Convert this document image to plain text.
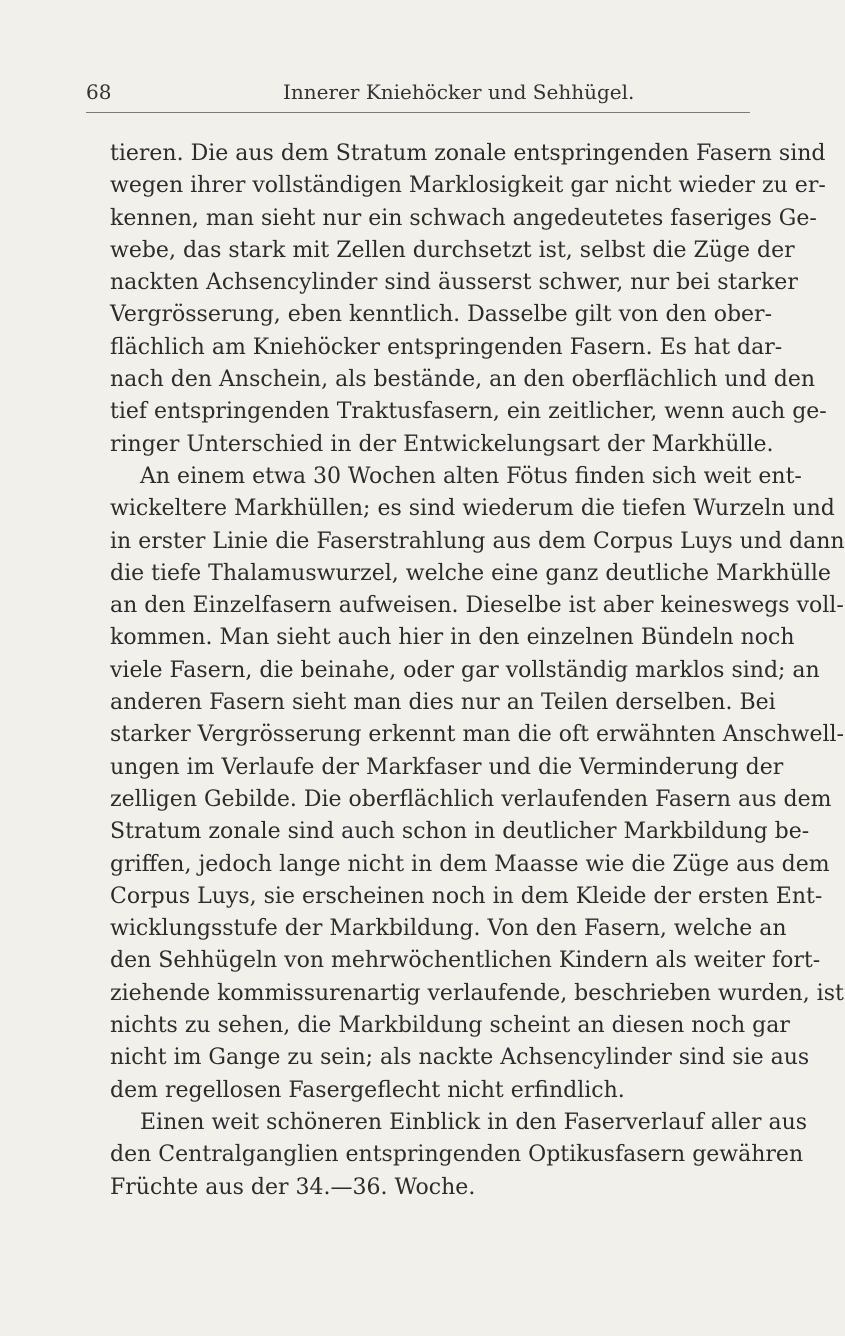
68	Innerer Kniehöcker und Sehhügel.
tieren. Die aus dem Stratum zonale entspringenden Fasern sind
wegen ihrer vollständigen Marklosigkeit gar nicht wieder zu er-
kennen, man sieht nur ein schwach angedeutetes faseriges Ge-
webe, das stark mit Zellen durchsetzt ist, selbst die Züge der
nackten Achsencylinder sind äusserst schwer, nur bei starker
Vergrösserung, eben kenntlich. Dasselbe gilt von den ober-
flächlich am Kniehöcker entspringenden Fasern. Es hat dar-
nach den Anschein, als bestände, an den oberflächlich und den
tief entspringenden Traktusfasern, ein zeitlicher, wenn auch ge-
ringer Unterschied in der Entwickelungsart der Markhülle.
An einem etwa 30 Wochen alten Fötus finden sich weit ent-
wickeltere Markhüllen; es sind wiederum die tiefen Wurzeln und
in erster Linie die Faserstrahlung aus dem Corpus Luys und dann
die tiefe Thalamuswurzel, welche eine ganz deutliche Markhülle
an den Einzelfasern aufweisen. Dieselbe ist aber keineswegs voll-
kommen. Man sieht auch hier in den einzelnen Bündeln noch
viele Fasern, die beinahe, oder gar vollständig marklos sind; an
anderen Fasern sieht man dies nur an Teilen derselben. Bei
starker Vergrösserung erkennt man die oft erwähnten Anschwell-
ungen im Verlaufe der Markfaser und die Verminderung der
zelligen Gebilde. Die oberflächlich verlaufenden Fasern aus dem
Stratum zonale sind auch schon in deutlicher Markbildung be-
griffen, jedoch lange nicht in dem Maasse wie die Züge aus dem
Corpus Luys, sie erscheinen noch in dem Kleide der ersten Ent-
wicklungsstufe der Markbildung. Von den Fasern, welche an
den Sehhügeln von mehrwöchentlichen Kindern als weiter fort-
ziehende kommissurenartig verlaufende, beschrieben wurden, ist
nichts zu sehen, die Markbildung scheint an diesen noch gar
nicht im Gange zu sein; als nackte Achsencylinder sind sie aus
dem regellosen Fasergeflecht nicht erfindlich.
Einen weit schöneren Einblick in den Faserverlauf aller aus
den Centralganglien entspringenden Optikusfasern gewähren
Früchte aus der 34.—36. Woche.
